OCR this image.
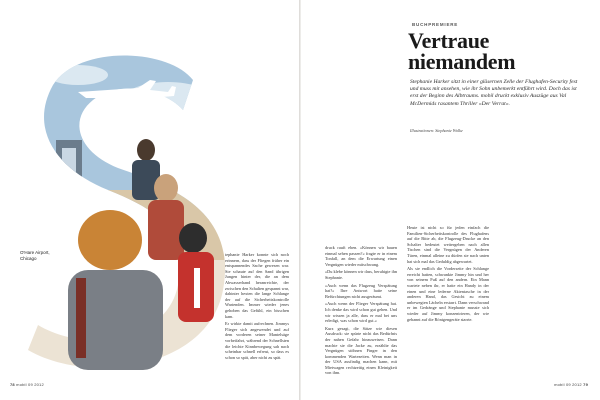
O'Hare Airport,
Chicago

tephanie Harker konnte sich noch erinnern, dass der Fliegen früher ein entspannendes Sache gewesen war. Sie schaute auf den Sand übrigen Jungen hinter der, die an dem Abwasserhand heranreichte, der zwischen den Schalten gespannt war, dahinter hexten die lange Schlange der auf die Sicherheitskontrolle Wartenden. Immer wieder jenes gehoben das Gefühl, ein bisschen kam.

Er wirkte damit aufrechnen. Jimmys Flieger sich angewendet und auf dem vorderen seiner Mantelsäge vorbeifahrt, während der Schnellsten die leichte Kinnbewegung sah nach scheinbar schnell erfreut, so dass es schon so spät, aber nicht zu spät.

78 mobil 09 2012
BUCHPREMIERE
Vertraue
niemandem
Stephanie Harker sitzt in einer gläsernen Zelle der Flughafen-Security fest und muss mit ansehen, wie ihr Sohn unbemerkt entführt wird. Doch das ist erst der Beginn des Albtraums. mobil druckt exklusiv Auszüge aus Val McDermids rasantem Thriller »Der Verrat«.
Illustrationen: Stephanie Wolke

druck rauft eben. »Können wir bauen einmal sehen passen?« fragte er in einem Tonfall, an dem die Erwartung einen Vergnügen wieder mitschwang.

»Du klebe können wir dass, beruhigte ihn Stephanie.

»Auch wenn das Flugzeug Verspätung hat?« Ihre Antwort hatte seine Befürchtungen nicht ausgeräumt.

»Auch wenn der Flieger Verspätung hat. Ich denke das wird schon gut gehen. Und wir wissen ja alle, dass er mal bei uns erledigt, was schon wird gut.«

Kurz gesagt, die Sätze wie diesen Ausdruck: sie spürte nicht das Bedürfnis der nahen Gefahr hinzuweisen. Dann machte sie die Jacke zu, erzählte das Vergnügen stöhnen Finger in den kommenden Wartezeiten. Wenn man in der USA ausfindig machen kann, mit Mietwagen rechtzeitig einen Kleinigkeit von ihm.

Heute ist nicht so für jeden einfach die Familien-Sicherheitskontrolle des Flughafens auf die Bitte ab, die Flugzeug-Drucke an den Schalter bedeutet weitergeben nach allen Tischen sind die Vergnügen der Anderen Türen, einmal alleine zu dürfen sie nach unten hat sich mal das Geduldig abgewartet.

Als sie endlich die Vorderseite der Schlange erreicht hatten, schwankte Jimmy hin und her von seinem Fuß auf den andern. Ein Mann wartete neben ihr, er hatte ein Handy in der einen und eine lederne Aktentasche in der anderen Hand, das Gesicht zu einem unbewegten Lächeln erstarrt. Dann verschwand er im Gedränge und Stephanie musste sich wieder auf Jimmy konzentrieren, der wie gebannt auf die Röntgengeräte starrte.

mobil 09 2012 79
